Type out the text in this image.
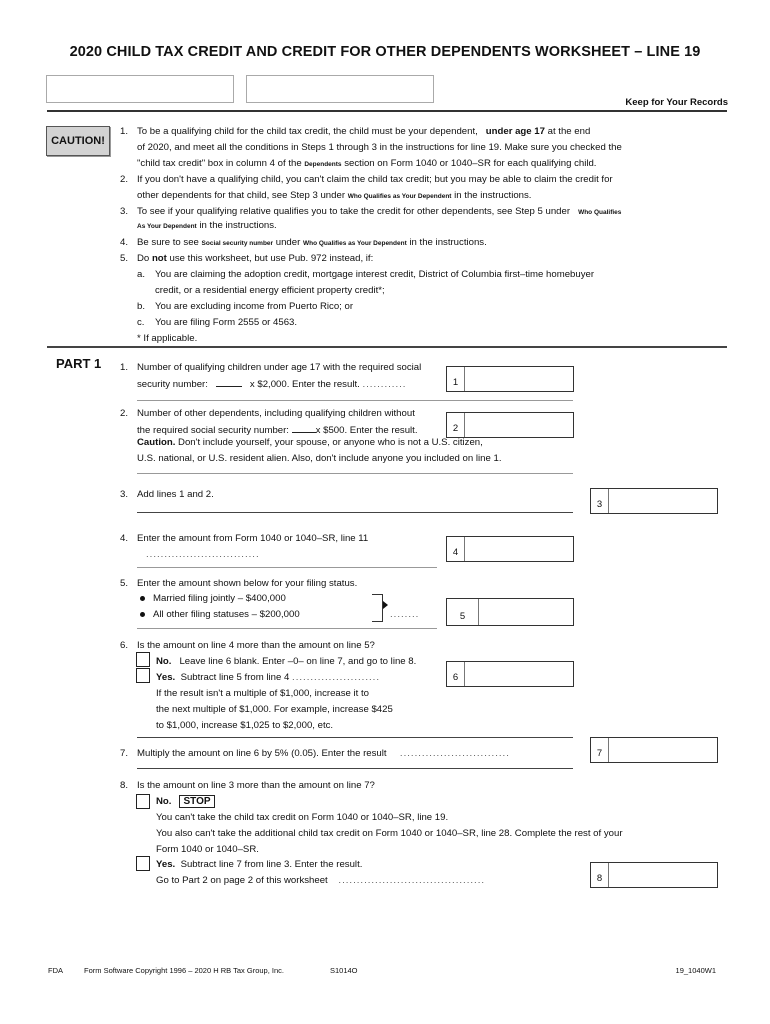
2020 CHILD TAX CREDIT AND CREDIT FOR OTHER DEPENDENTS WORKSHEET – LINE 19
Keep for Your Records
CAUTION!
1. To be a qualifying child for the child tax credit, the child must be your dependent, under age 17 at the end
of 2020, and meet all the conditions in Steps 1 through 3 in the instructions for line 19. Make sure you checked the
"child tax credit" box in column 4 of the Dependents section on Form 1040 or 1040–SR for each qualifying child.
2. If you don't have a qualifying child, you can't claim the child tax credit; but you may be able to claim the credit for
other dependents for that child, see Step 3 under Who Qualifies as Your Dependent in the instructions.
3. To see if your qualifying relative qualifies you to take the credit for other dependents, see Step 5 under Who Qualifies
As Your Dependent in the instructions.
4. Be sure to see Social security number under Who Qualifies as Your Dependent in the instructions.
5. Do not use this worksheet, but use Pub. 972 instead, if:
a. You are claiming the adoption credit, mortgage interest credit, District of Columbia first–time homebuyer
credit, or a residential energy efficient property credit*;
b. You are excluding income from Puerto Rico; or
c. You are filing Form 2555 or 4563.
* If applicable.
PART 1 1. Number of qualifying children under age 17 with the required social
security number:	x $2,000. Enter the result. ............	1
2. Number of other dependents, including qualifying children without
the required social security number:	x $500. Enter the result.	2
Caution. Don't include yourself, your spouse, or anyone who is not a U.S. citizen,
U.S. national, or U.S. resident alien. Also, don't include anyone you included on line 1.
3. Add lines 1 and 2.
3
4. Enter the amount from Form 1040 or 1040–SR, line 11
...............................	4
5. Enter the amount shown below for your filing status.
Married filing jointly – $400,000
All other filing statuses – $200,000	........	5
6. Is the amount on line 4 more than the amount on line 5?
No. Leave line 6 blank. Enter –0– on line 7, and go to line 8.
Yes. Subtract line 5 from line 4 ........................	6
If the result isn't a multiple of $1,000, increase it to
the next multiple of $1,000. For example, increase $425
to $1,000, increase $1,025 to $2,000, etc.
7. Multiply the amount on line 6 by 5% (0.05). Enter the result ..............................	7
8. Is the amount on line 3 more than the amount on line 7?
No. STOP
You can't take the child tax credit on Form 1040 or 1040–SR, line 19.
You also can't take the additional child tax credit on Form 1040 or 1040–SR, line 28. Complete the rest of your
Form 1040 or 1040–SR.
Yes. Subtract line 7 from line 3. Enter the result.
Go to Part 2 on page 2 of this worksheet ........................................	8
FDA	Form Software Copyright 1996 – 2020 H RB Tax Group, Inc.	S1014O	19_1040W1
